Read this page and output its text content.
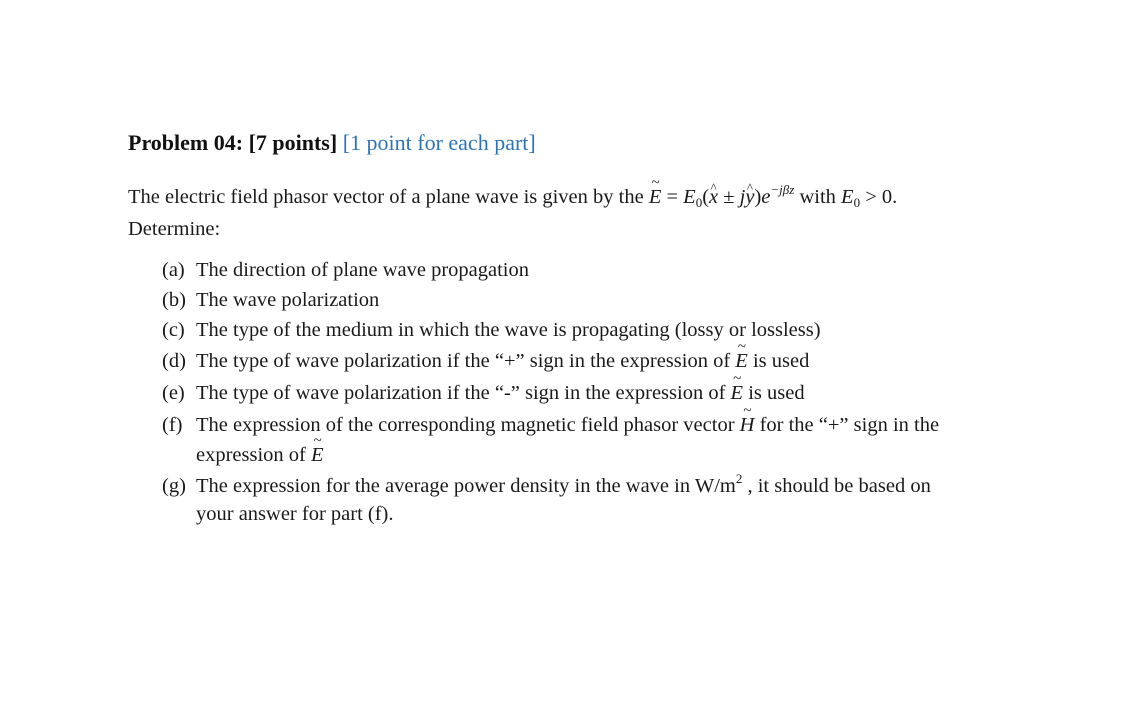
Problem 04: [7 points] [1 point for each part]

The electric field phasor vector of a plane wave is given by the ~ $E = E_0(\^{}$ x ± j^ $y)e^{-j\beta z}$ with $E_0 > 0$.
Determine:
(a) The direction of plane wave propagation
(b) The wave polarization
(c) The type of the medium in which the wave is propagating (lossy or lossless)
(d) The type of wave polarization if the “+” sign in the expression of ~ E is used
(e) The type of wave polarization if the “-” sign in the expression of ~ E is used
(f) The expression of the corresponding magnetic field phasor vector ~ H for the “+” sign in the
expression of ~ E
(g) The expression for the average power density in the wave in $W/m^2$ , it should be based on
your answer for part (f).
